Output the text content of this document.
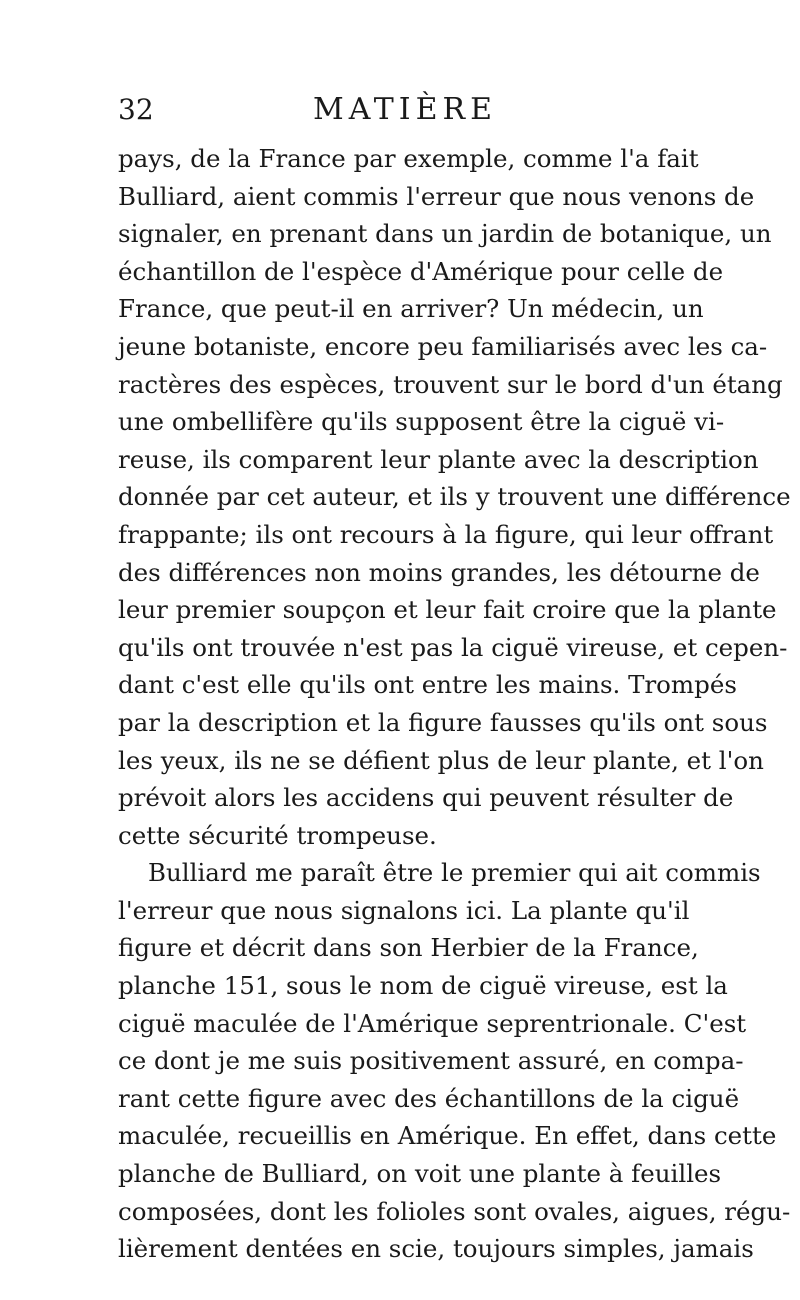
32	MATIÈRE
pays, de la France par exemple, comme l'a fait
Bulliard, aient commis l'erreur que nous venons de
signaler, en prenant dans un jardin de botanique, un
échantillon de l'espèce d'Amérique pour celle de
France, que peut-il en arriver? Un médecin, un
jeune botaniste, encore peu familiarisés avec les ca-
ractères des espèces, trouvent sur le bord d'un étang
une ombellifère qu'ils supposent être la ciguë vi-
reuse, ils comparent leur plante avec la description
donnée par cet auteur, et ils y trouvent une différence
frappante; ils ont recours à la figure, qui leur offrant
des différences non moins grandes, les détourne de
leur premier soupçon et leur fait croire que la plante
qu'ils ont trouvée n'est pas la ciguë vireuse, et cepen-
dant c'est elle qu'ils ont entre les mains. Trompés
par la description et la figure fausses qu'ils ont sous
les yeux, ils ne se défient plus de leur plante, et l'on
prévoit alors les accidens qui peuvent résulter de
cette sécurité trompeuse.
Bulliard me paraît être le premier qui ait commis
l'erreur que nous signalons ici. La plante qu'il
figure et décrit dans son Herbier de la France,
planche 151, sous le nom de ciguë vireuse, est la
ciguë maculée de l'Amérique seprentrionale. C'est
ce dont je me suis positivement assuré, en compa-
rant cette figure avec des échantillons de la ciguë
maculée, recueillis en Amérique. En effet, dans cette
planche de Bulliard, on voit une plante à feuilles
composées, dont les folioles sont ovales, aigues, régu-
lièrement dentées en scie, toujours simples, jamais
